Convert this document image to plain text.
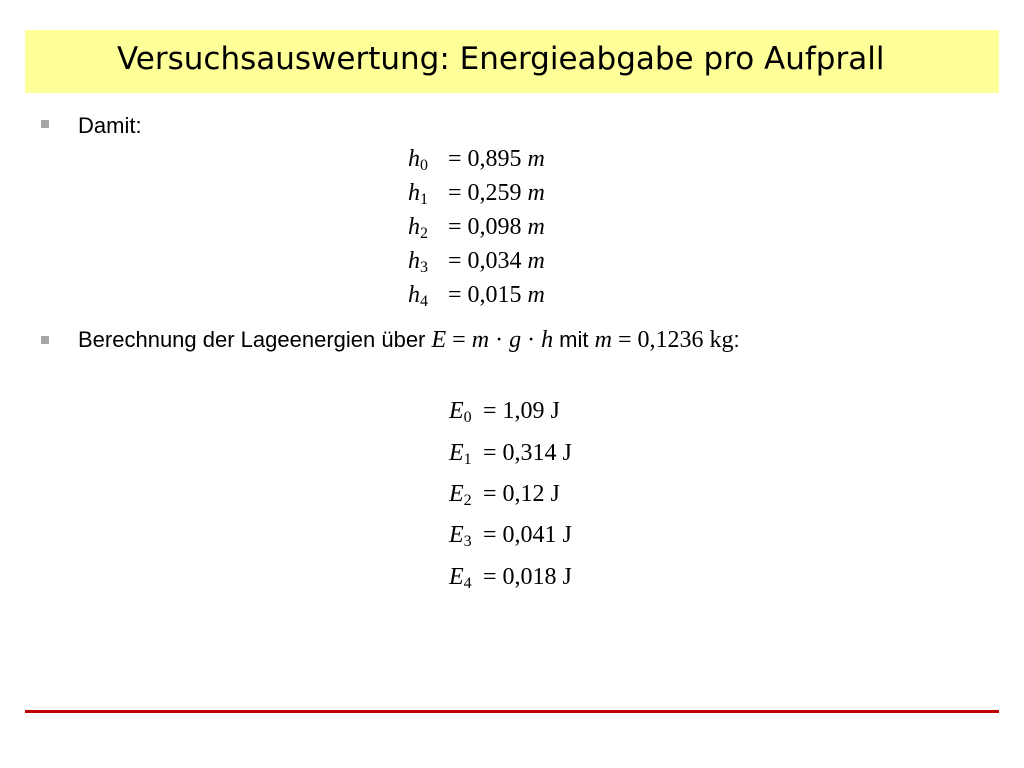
Versuchsauswertung: Energieabgabe pro Aufprall
Damit:
$h_0 = 0,895$ m
$h_1 = 0,259$ m
$h_2 = 0,098$ m
$h_3 = 0,034$ m
$h_4 = 0,015$ m
Berechnung der Lageenergien über E = m · g · h mit m = 0,1236 kg:
$E_0 = 1,09$ J
$E_1 = 0,314$ J
$E_2 = 0,12$ J
$E_3 = 0,041$ J
$E_4 = 0,018$ J
